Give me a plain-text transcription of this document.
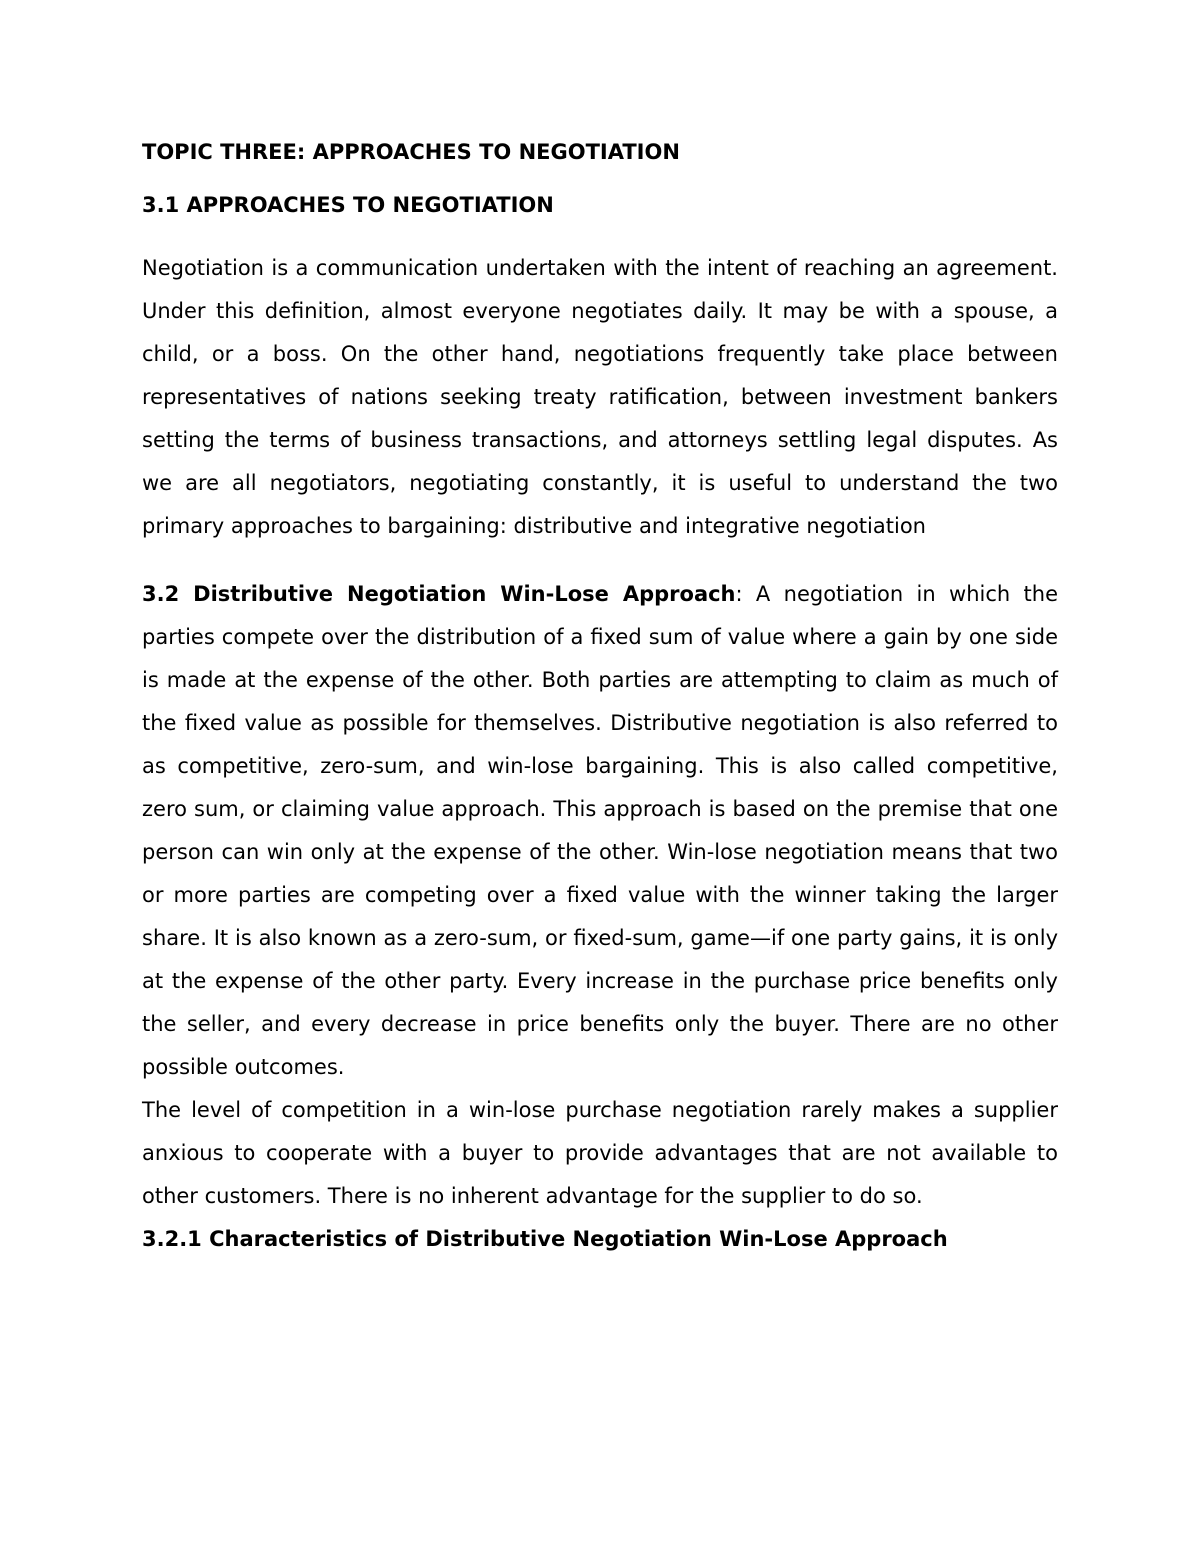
TOPIC THREE: APPROACHES TO NEGOTIATION
3.1 APPROACHES TO NEGOTIATION

Negotiation is a communication undertaken with the intent of reaching an agreement. Under this definition, almost everyone negotiates daily. It may be with a spouse, a child, or a boss. On the other hand, negotiations frequently take place between representatives of nations seeking treaty ratification, between investment bankers setting the terms of business transactions, and attorneys settling legal disputes. As we are all negotiators, negotiating constantly, it is useful to understand the two primary approaches to bargaining: distributive and integrative negotiation

3.2 Distributive Negotiation Win-Lose Approach: A negotiation in which the parties compete over the distribution of a fixed sum of value where a gain by one side is made at the expense of the other. Both parties are attempting to claim as much of the fixed value as possible for themselves. Distributive negotiation is also referred to as competitive, zero-sum, and win-lose bargaining. This is also called competitive, zero sum, or claiming value approach. This approach is based on the premise that one person can win only at the expense of the other. Win-lose negotiation means that two or more parties are competing over a fixed value with the winner taking the larger share. It is also known as a zero-sum, or fixed-sum, game—if one party gains, it is only at the expense of the other party. Every increase in the purchase price benefits only the seller, and every decrease in price benefits only the buyer. There are no other possible outcomes.

The level of competition in a win-lose purchase negotiation rarely makes a supplier anxious to cooperate with a buyer to provide advantages that are not available to other customers. There is no inherent advantage for the supplier to do so.

3.2.1 Characteristics of Distributive Negotiation Win-Lose Approach
